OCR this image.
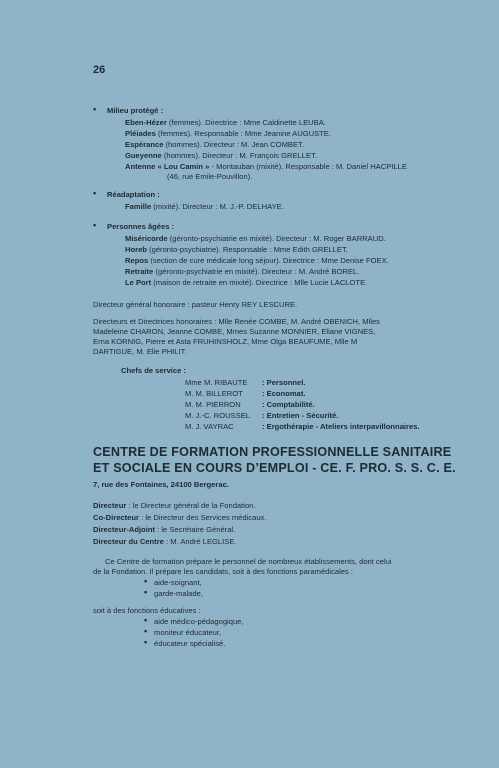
26
• Milieu protégé :
Eben-Hézer (femmes). Directrice : Mme Caldinette LEUBA.
Pléiades (femmes). Responsable : Mme Jeanine AUGUSTE.
Espérance (hommes). Directeur : M. Jean COMBET.
Gueyenne (hommes). Directeur : M. François GRELLET.
Antenne « Lou Camin » - Montauban (mixité). Responsable : M. Daniel HACPILLE
(46, rue Emile-Pouvillon).
• Réadaptation :
Famille (mixité). Directeur : M. J.-P. DELHAYE.
• Personnes âgées :
Miséricorde (géronto-psychiatrie en mixité). Directeur : M. Roger BARRAUD.
Horeb (géronto-psychiatrie). Responsable : Mme Edith GRELLET.
Repos (section de cure médicale long séjour). Directrice : Mme Denise FOEX.
Retraite (géronto-psychiatrie en mixité). Directeur : M. André BOREL.
Le Port (maison de retraite en mixité). Directrice : Mlle Lucie LACLOTE.
Directeur général honoraire : pasteur Henry REY LESCURE.
Directeurs et Directrices honoraires : Mlle Renée COMBE, M. André OBENICH, Mlles
Madeleine CHARON, Jeanne COMBE, Mmes Suzanne MONNIER, Eliane VIGNES,
Erna KORNIG, Pierre et Asta FRUHINSHOLZ, Mme Olga BEAUFUME, Mlle M
DARTIGUE, M. Elie PHILIT.
Chefs de service :
Mme M. RIBAUTE : Personnel.
M. M. BILLEROT	: Economat.
M. M. PIERRON	: Comptabilité.
M. J.-C. ROUSSEL : Entretien - Sécurité.
M. J. VAYRAC	: Ergothérapie - Ateliers interpavillonnaires.
CENTRE DE FORMATION PROFESSIONNELLE SANITAIRE
ET SOCIALE EN COURS D’EMPLOI - CE. F. PRO. S. S. C. E.
7, rue des Fontaines, 24100 Bergerac.
Directeur : le Directeur général de la Fondation.
Co-Directeur : le Directeur des Services médicaux.
Directeur-Adjoint : le Secrétaire Général.
Directeur du Centre : M. André LEGLISE.
Ce Centre de formation prépare le personnel de nombreux établissements, dont celui
de la Fondation. Il prépare les candidats, soit à des fonctions paramédicales :
• aide-soignant,
• garde-malade,
soit à des fonctions éducatives :
• aide médico-pédagogique,
• moniteur éducateur,
• éducateur spécialisé.
